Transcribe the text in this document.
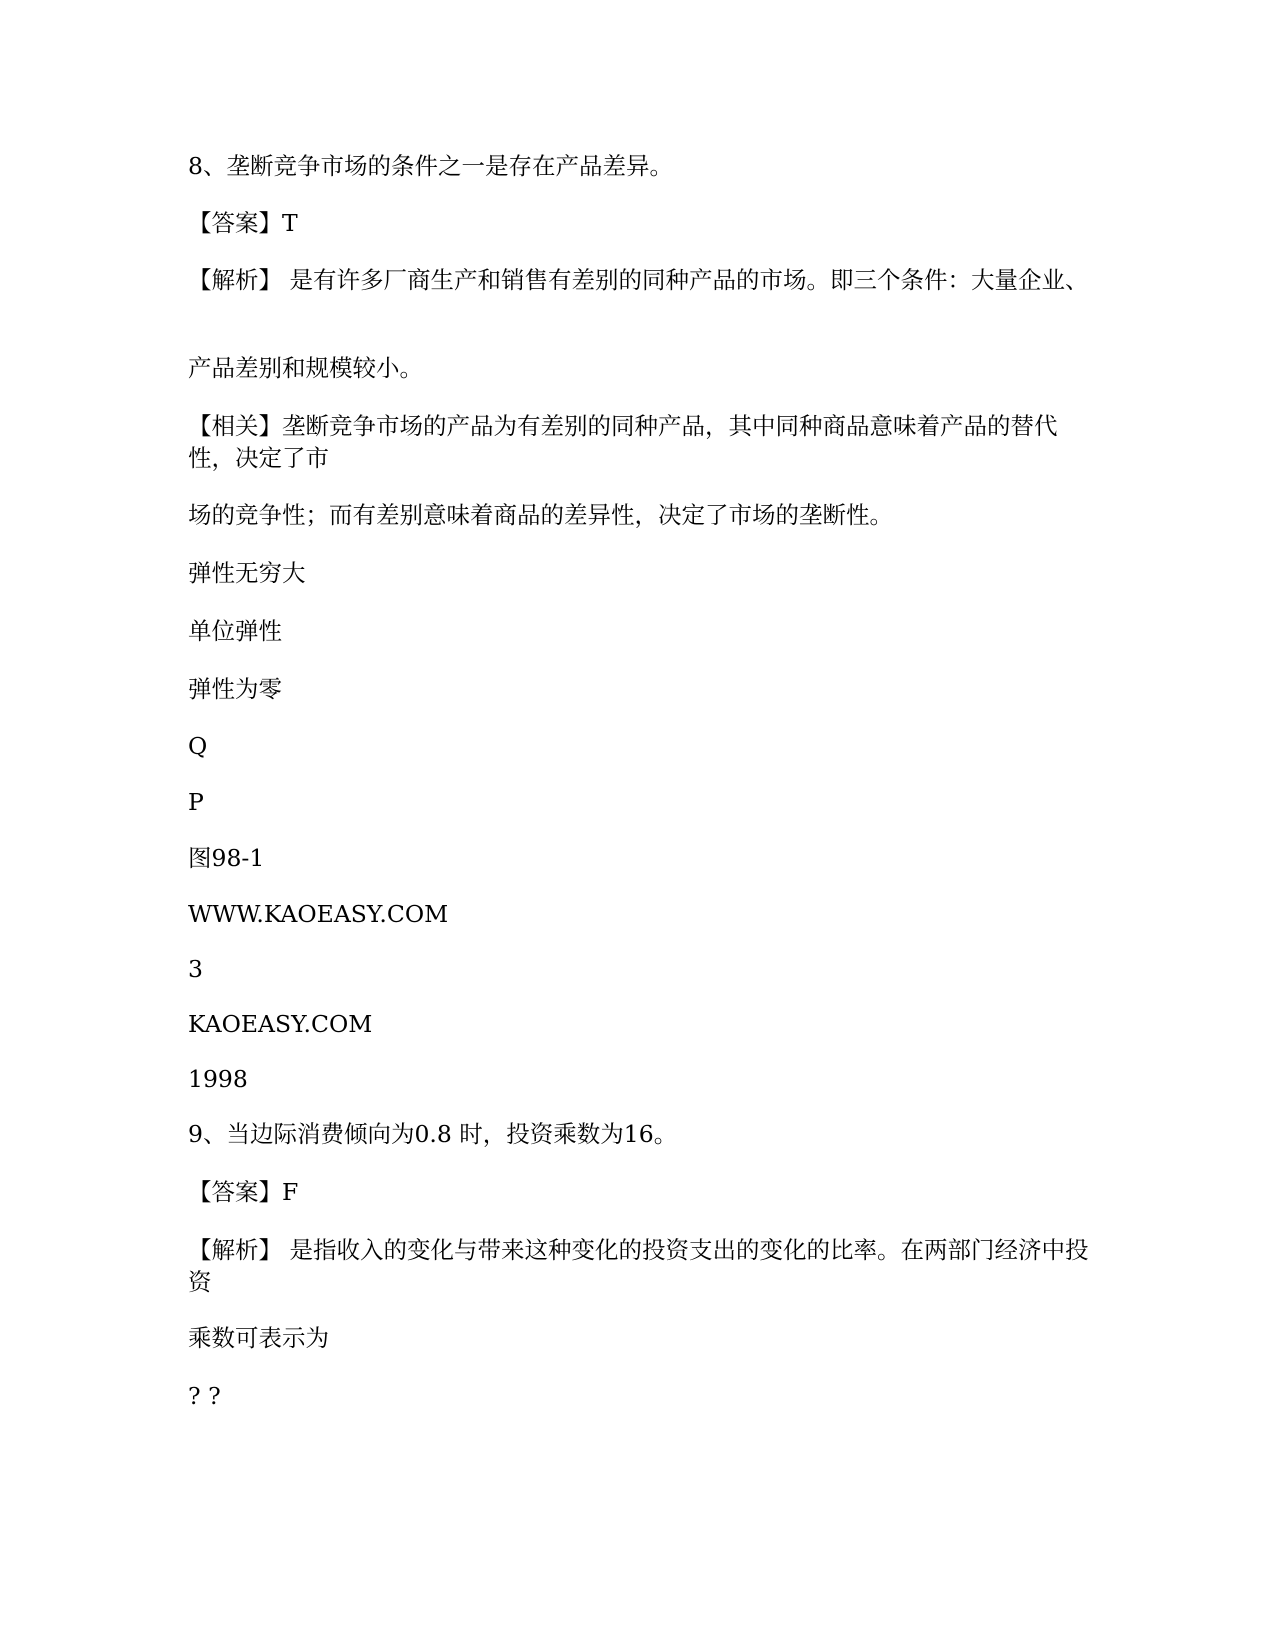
8、垄断竞争市场的条件之一是存在产品差异。
【答案】T
【解析】 是有许多厂商生产和销售有差别的同种产品的市场。即三个条件：大量企业、
产品差别和规模较小。
【相关】垄断竞争市场的产品为有差别的同种产品，其中同种商品意味着产品的替代性，决定了市
场的竞争性；而有差别意味着商品的差异性，决定了市场的垄断性。
弹性无穷大
单位弹性
弹性为零
Q
P
图98-1
WWW.KAOEASY.COM
3
KAOEASY.COM
1998
9、当边际消费倾向为0.8 时，投资乘数为16。
【答案】F
【解析】 是指收入的变化与带来这种变化的投资支出的变化的比率。在两部门经济中投资
乘数可表示为
? ?
